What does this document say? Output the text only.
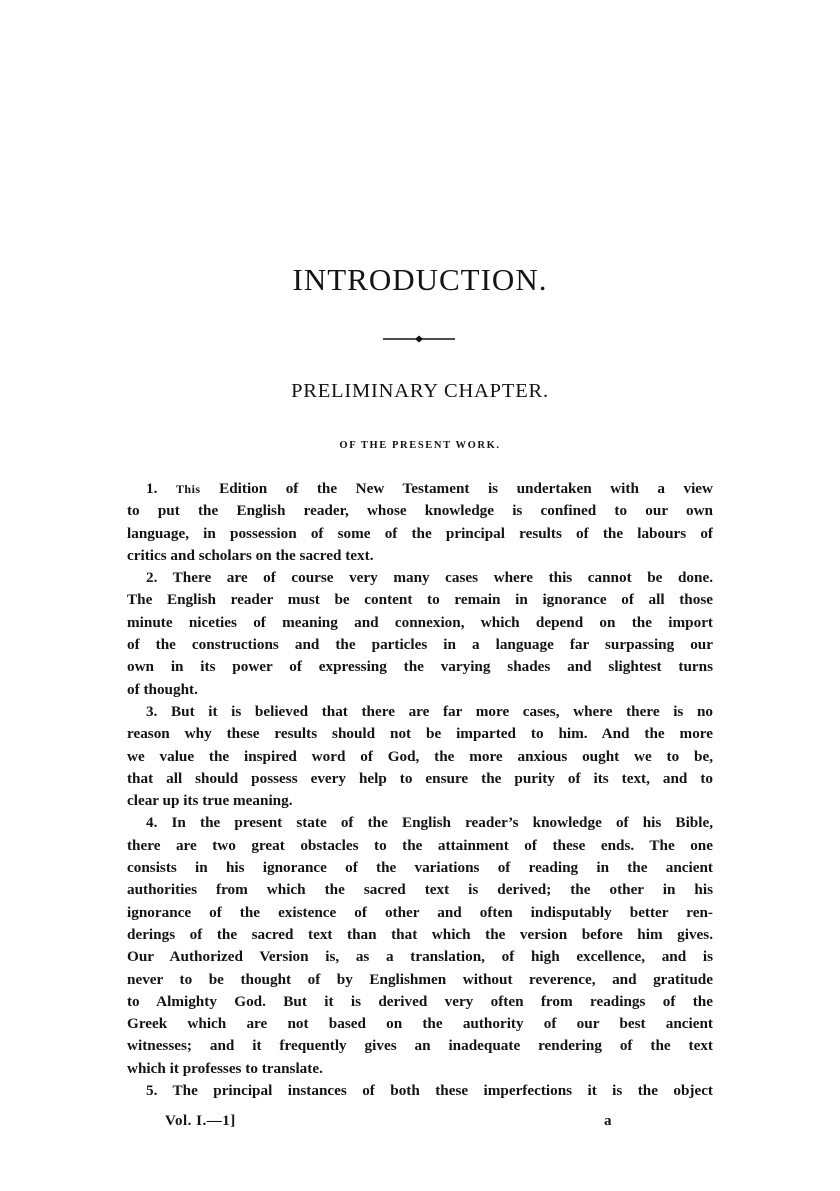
INTRODUCTION.
PRELIMINARY CHAPTER.
OF THE PRESENT WORK.
1. This Edition of the New Testament is undertaken with a view
to put the English reader, whose knowledge is confined to our own
language, in possession of some of the principal results of the labours of
critics and scholars on the sacred text.
2. There are of course very many cases where this cannot be done.
The English reader must be content to remain in ignorance of all those
minute niceties of meaning and connexion, which depend on the import
of the constructions and the particles in a language far surpassing our
own in its power of expressing the varying shades and slightest turns
of thought.
3. But it is believed that there are far more cases, where there is no
reason why these results should not be imparted to him. And the more
we value the inspired word of God, the more anxious ought we to be,
that all should possess every help to ensure the purity of its text, and to
clear up its true meaning.
4. In the present state of the English reader’s knowledge of his Bible,
there are two great obstacles to the attainment of these ends. The one
consists in his ignorance of the variations of reading in the ancient
authorities from which the sacred text is derived; the other in his
ignorance of the existence of other and often indisputably better ren-
derings of the sacred text than that which the version before him gives.
Our Authorized Version is, as a translation, of high excellence, and is
never to be thought of by Englishmen without reverence, and gratitude
to Almighty God. But it is derived very often from readings of the
Greek which are not based on the authority of our best ancient
witnesses; and it frequently gives an inadequate rendering of the text
which it professes to translate.
5. The principal instances of both these imperfections it is the object
Vol. I.—1]	a
